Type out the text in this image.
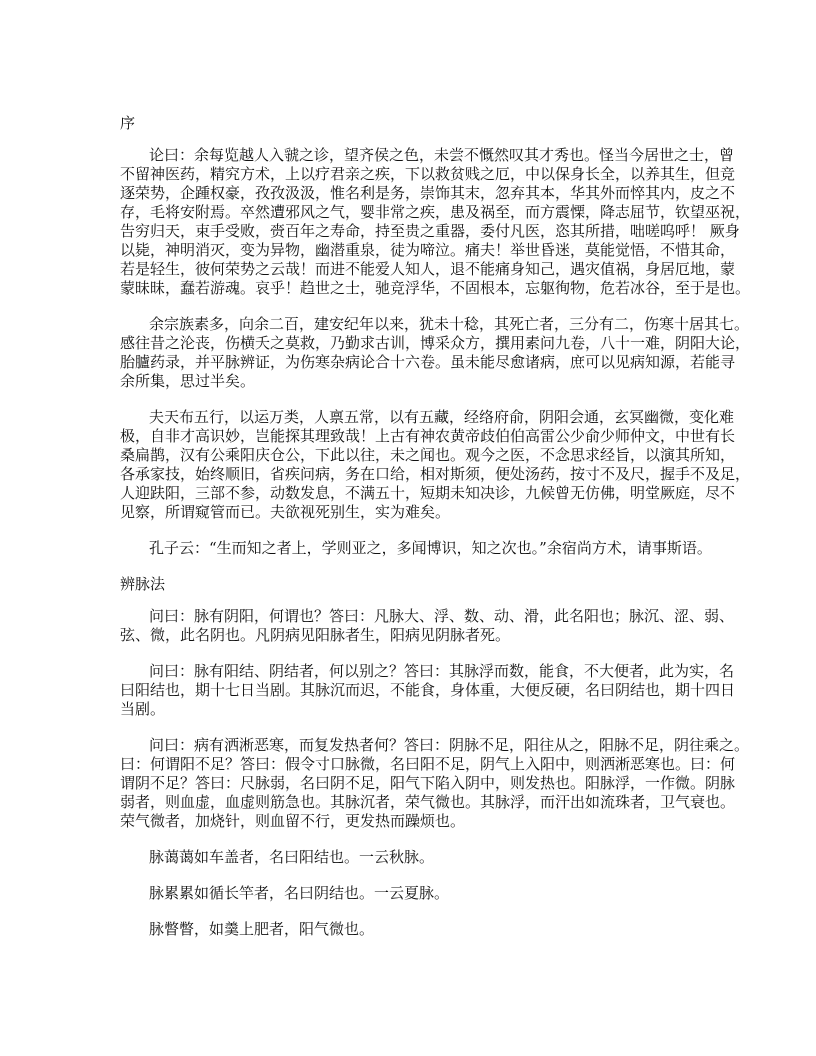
序
论曰：余每览越人入虢之诊，望齐侯之色，未尝不慨然叹其才秀也。怪当今居世之士，曾
不留神医药，精究方术，上以疗君亲之疾，下以救贫贱之厄，中以保身长全，以养其生，但竞
逐荣势，企踵权豪，孜孜汲汲，惟名利是务，崇饰其末，忽弃其本，华其外而悴其内，皮之不
存，毛将安附焉。卒然遭邪风之气，婴非常之疾，患及祸至，而方震慄，降志屈节，钦望巫祝，
告穷归天，束手受败，赍百年之寿命，持至贵之重器，委付凡医，恣其所措，咄嗟呜呼！ 厥身
以毙，神明消灭，变为异物，幽潜重泉，徒为啼泣。痛夫！举世昏迷，莫能觉悟，不惜其命，
若是轻生，彼何荣势之云哉！而进不能爱人知人，退不能痛身知己，遇灾值祸，身居厄地，蒙
蒙昧昧，蠢若游魂。哀乎！趋世之士，驰竞浮华，不固根本，忘躯徇物，危若冰谷，至于是也。
余宗族素多，向余二百，建安纪年以来，犹未十稔，其死亡者，三分有二，伤寒十居其七。
感往昔之沦丧，伤横夭之莫救，乃勤求古训，博采众方，撰用素问九卷，八十一难，阴阳大论，
胎臚药录，并平脉辨证，为伤寒杂病论合十六卷。虽未能尽愈诸病，庶可以见病知源，若能寻
余所集，思过半矣。
夫天布五行，以运万类，人禀五常，以有五藏，经络府俞，阴阳会通，玄冥幽微，变化难
极，自非才高识妙，岂能探其理致哉！上古有神农黄帝歧伯伯高雷公少俞少师仲文，中世有长
桑扁鹊，汉有公乘阳庆仓公，下此以往，未之闻也。观今之医，不念思求经旨，以演其所知，
各承家技，始终顺旧，省疾问病，务在口给，相对斯须，便处汤药，按寸不及尺，握手不及足，
人迎趺阳，三部不参，动数发息，不满五十，短期未知决诊，九候曾无仿佛，明堂厥庭，尽不
见察，所谓窥管而已。夫欲视死别生，实为难矣。
孔子云：“生而知之者上，学则亚之，多闻博识，知之次也。”余宿尚方术，请事斯语。
辨脉法
问曰：脉有阴阳，何谓也？答曰：凡脉大、浮、数、动、滑，此名阳也；脉沉、涩、弱、
弦、微，此名阴也。凡阴病见阳脉者生，阳病见阴脉者死。
问曰：脉有阳结、阴结者，何以别之？答曰：其脉浮而数，能食，不大便者，此为实，名
曰阳结也，期十七日当剧。其脉沉而迟，不能食，身体重，大便反硬，名曰阴结也，期十四日
当剧。
问曰：病有洒淅恶寒，而复发热者何？答曰：阴脉不足，阳往从之，阳脉不足，阴往乘之。
曰：何谓阳不足？答曰：假令寸口脉微，名曰阳不足，阴气上入阳中，则洒淅恶寒也。曰：何
谓阴不足？答曰：尺脉弱，名曰阴不足，阳气下陷入阴中，则发热也。阳脉浮，一作微。阴脉
弱者，则血虚，血虚则筋急也。其脉沉者，荣气微也。其脉浮，而汗出如流珠者，卫气衰也。
荣气微者，加烧针，则血留不行，更发热而躁烦也。
脉蔼蔼如车盖者，名曰阳结也。一云秋脉。
脉累累如循长竿者，名曰阴结也。一云夏脉。
脉瞥瞥，如羹上肥者，阳气微也。
